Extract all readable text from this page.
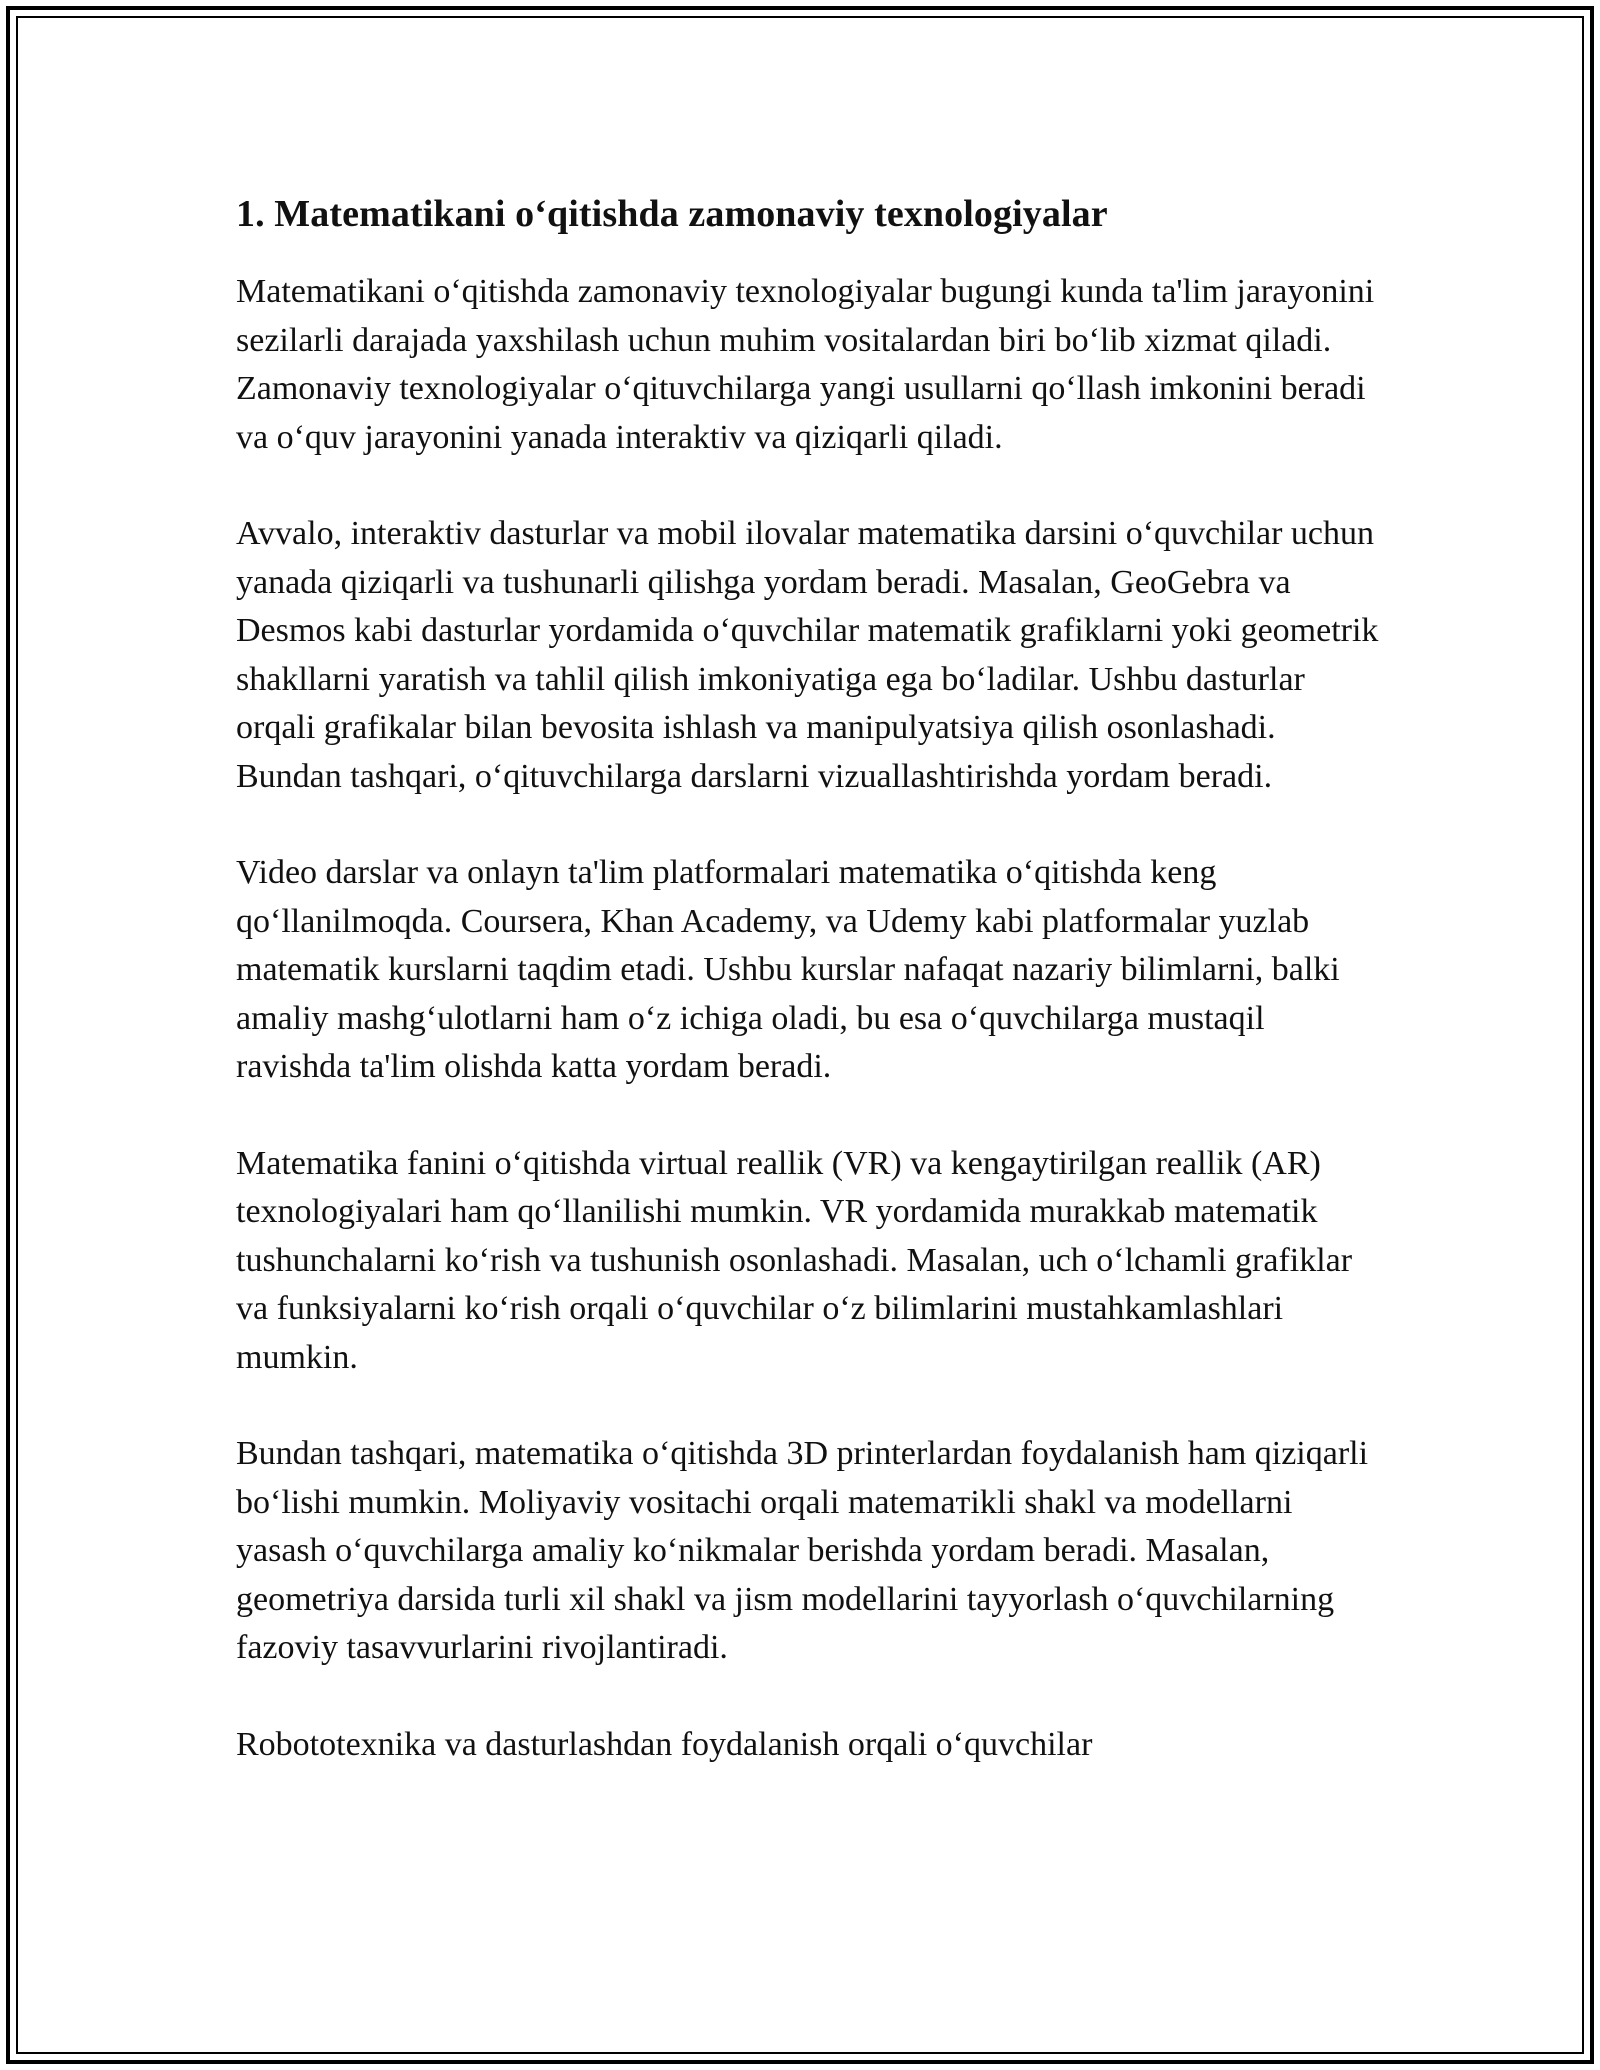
1. Matematikani o‘qitishda zamonaviy texnologiyalar

Matematikani o‘qitishda zamonaviy texnologiyalar bugungi kunda ta'lim jarayonini sezilarli darajada yaxshilash uchun muhim vositalardan biri bo‘lib xizmat qiladi. Zamonaviy texnologiyalar o‘qituvchilarga yangi usullarni qo‘llash imkonini beradi va o‘quv jarayonini yanada interaktiv va qiziqarli qiladi.

Avvalo, interaktiv dasturlar va mobil ilovalar matematika darsini o‘quvchilar uchun yanada qiziqarli va tushunarli qilishga yordam beradi. Masalan, GeoGebra va Desmos kabi dasturlar yordamida o‘quvchilar matematik grafiklarni yoki geometrik shakllarni yaratish va tahlil qilish imkoniyatiga ega bo‘ladilar. Ushbu dasturlar orqali grafikalar bilan bevosita ishlash va manipulyatsiya qilish osonlashadi. Bundan tashqari, o‘qituvchilarga darslarni vizuallashtirishda yordam beradi.

Video darslar va onlayn ta'lim platformalari matematika o‘qitishda keng qo‘llanilmoqda. Coursera, Khan Academy, va Udemy kabi platformalar yuzlab matematik kurslarni taqdim etadi. Ushbu kurslar nafaqat nazariy bilimlarni, balki amaliy mashg‘ulotlarni ham o‘z ichiga oladi, bu esa o‘quvchilarga mustaqil ravishda ta'lim olishda katta yordam beradi.

Matematika fanini o‘qitishda virtual reallik (VR) va kengaytirilgan reallik (AR) texnologiyalari ham qo‘llanilishi mumkin. VR yordamida murakkab matematik tushunchalarni ko‘rish va tushunish osonlashadi. Masalan, uch o‘lchamli grafiklar va funksiyalarni ko‘rish orqali o‘quvchilar o‘z bilimlarini mustahkamlashlari mumkin.

Bundan tashqari, matematika o‘qitishda 3D printerlardan foydalanish ham qiziqarli bo‘lishi mumkin. Moliyaviy vositachi orqali matemaтikli shakl va modellarni yasash o‘quvchilarga amaliy ko‘nikmalar berishda yordam beradi. Masalan, geometriya darsida turli xil shakl va jism modellarini tayyorlash o‘quvchilarning fazoviy tasavvurlarini rivojlantiradi.

Robototexnika va dasturlashdan foydalanish orqali o‘quvchilar
